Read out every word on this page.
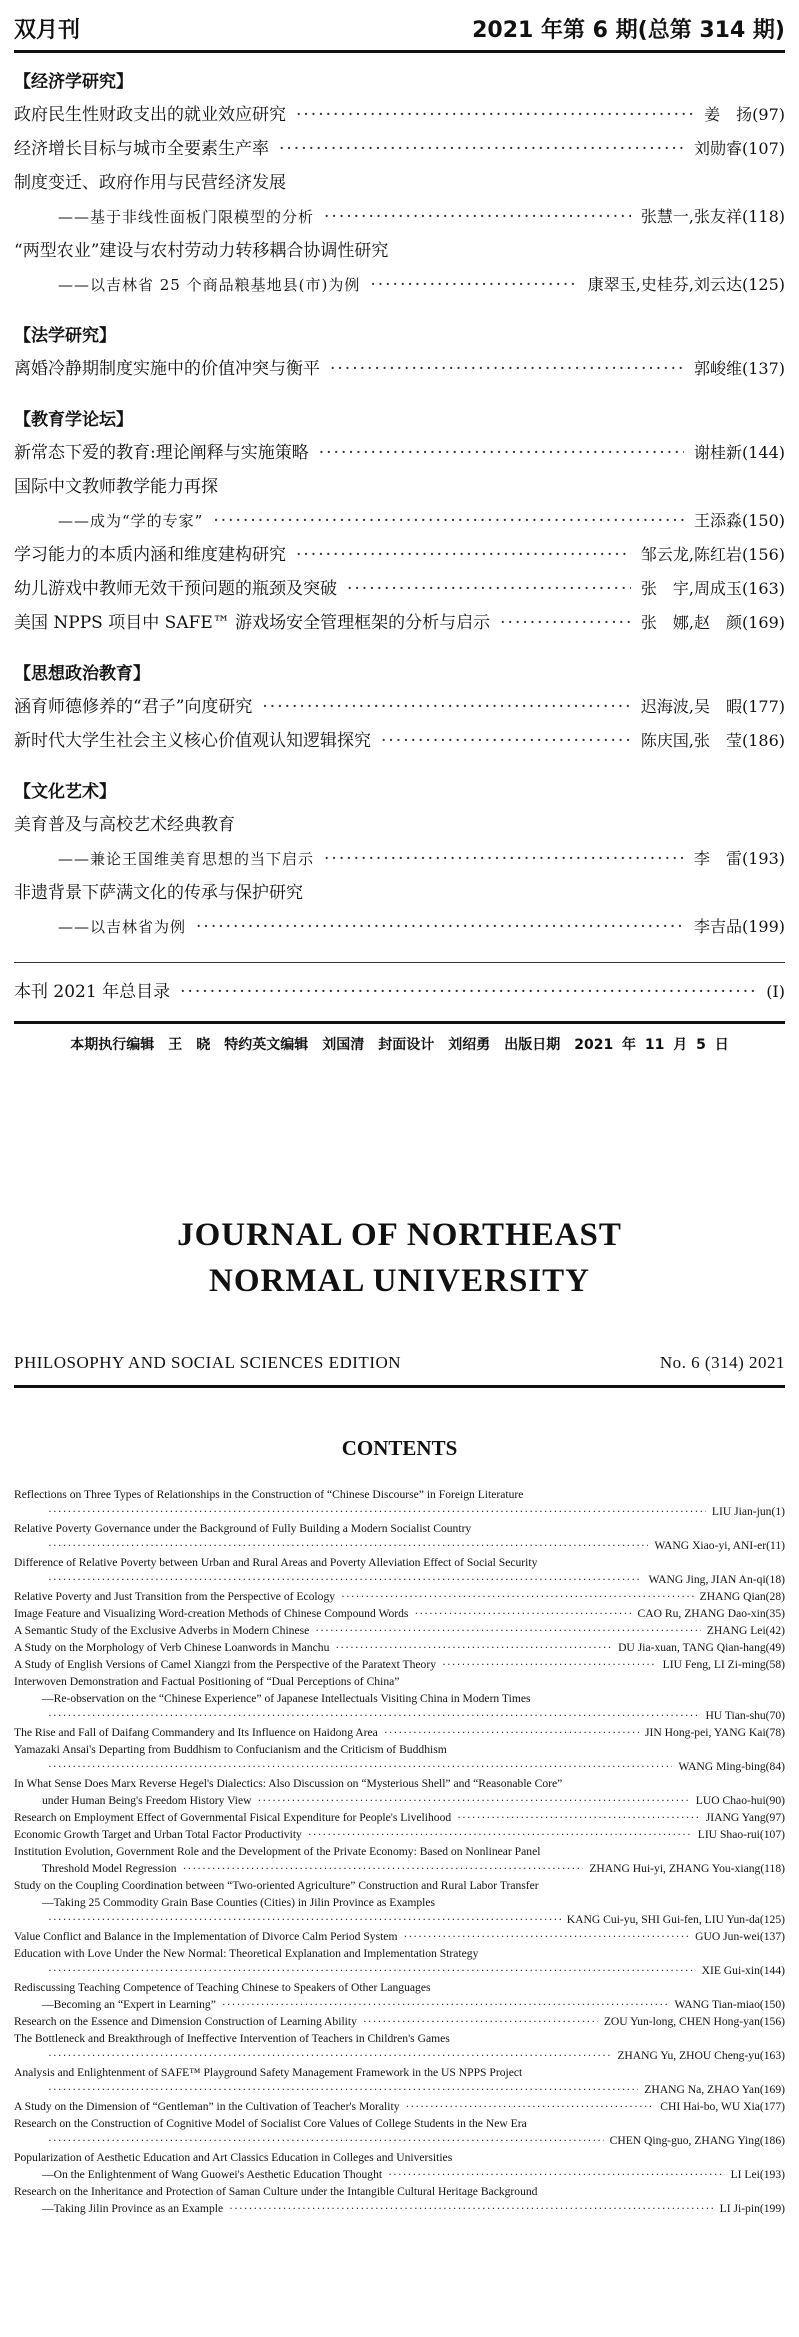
双月刊	2021 年第 6 期(总第 314 期)
【经济学研究】
政府民生性财政支出的就业效应研究 ·····	姜　扬(97)
经济增长目标与城市全要素生产率 ·····	刘勋睿(107)
制度变迁、政府作用与民营经济发展
——基于非线性面板门限模型的分析 ·····	张慧一,张友祥(118)
“两型农业”建设与农村劳动力转移耦合协调性研究
——以吉林省 25 个商品粮基地县(市)为例 ·····	康翠玉,史桂芬,刘云达(125)
【法学研究】
离婚冷静期制度实施中的价值冲突与衡平 ·····	郭峻维(137)
【教育学论坛】
新常态下爱的教育:理论阐释与实施策略 ·····	谢桂新(144)
国际中文教师教学能力再探
——成为“学的专家” ·····	王添淼(150)
学习能力的本质内涵和维度建构研究 ·····	邹云龙,陈红岩(156)
幼儿游戏中教师无效干预问题的瓶颈及突破 ·····	张　宇,周成玉(163)
美国 NPPS 项目中 SAFE™ 游戏场安全管理框架的分析与启示 ·····	张　娜,赵　颜(169)
【思想政治教育】
涵育师德修养的“君子”向度研究 ·····	迟海波,吴　暇(177)
新时代大学生社会主义核心价值观认知逻辑探究 ·····	陈庆国,张　莹(186)
【文化艺术】
美育普及与高校艺术经典教育
——兼论王国维美育思想的当下启示 ·····	李　雷(193)
非遗背景下萨满文化的传承与保护研究
——以吉林省为例 ·····	李吉品(199)
本刊 2021 年总目录 ·····	(Ⅰ)
本期执行编辑　王　晓　特约英文编辑　刘国清　封面设计　刘绍勇　出版日期　2021 年 11 月 5 日
JOURNAL OF NORTHEAST
NORMAL UNIVERSITY
PHILOSOPHY AND SOCIAL SCIENCES EDITION	No. 6 (314) 2021
CONTENTS
Reflections on Three Types of Relationships in the Construction of “Chinese Discourse” in Foreign Literature
·····
LIU Jian-jun(1)
Relative Poverty Governance under the Background of Fully Building a Modern Socialist Country
·····
WANG Xiao-yi, ANI-er(11)
Difference of Relative Poverty between Urban and Rural Areas and Poverty Alleviation Effect of Social Security
·····
WANG Jing, JIAN An-qi(18)
Relative Poverty and Just Transition from the Perspective of Ecology ·····	ZHANG Qian(28)
Image Feature and Visualizing Word-creation Methods of Chinese Compound Words ·····	CAO Ru, ZHANG Dao-xin(35)
A Semantic Study of the Exclusive Adverbs in Modern Chinese ·····	ZHANG Lei(42)
A Study on the Morphology of Verb Chinese Loanwords in Manchu ·····	DU Jia-xuan, TANG Qian-hang(49)
A Study of English Versions of Camel Xiangzi from the Perspective of the Paratext Theory ·····	LIU Feng, LI Zi-ming(58)
Interwoven Demonstration and Factual Positioning of “Dual Perceptions of China”
—Re-observation on the “Chinese Experience” of Japanese Intellectuals Visiting China in Modern Times
·····
HU Tian-shu(70)
The Rise and Fall of Daifang Commandery and Its Influence on Haidong Area ·····	JIN Hong-pei, YANG Kai(78)
Yamazaki Ansai's Departing from Buddhism to Confucianism and the Criticism of Buddhism
·····
WANG Ming-bing(84)
In What Sense Does Marx Reverse Hegel's Dialectics: Also Discussion on “Mysterious Shell” and “Reasonable Core”
under Human Being's Freedom History View ·····	LUO Chao-hui(90)
Research on Employment Effect of Governmental Fisical Expenditure for People's Livelihood ·····	JIANG Yang(97)
Economic Growth Target and Urban Total Factor Productivity ·····	LIU Shao-rui(107)
Institution Evolution, Government Role and the Development of the Private Economy: Based on Nonlinear Panel
Threshold Model Regression ·····	ZHANG Hui-yi, ZHANG You-xiang(118)
Study on the Coupling Coordination between “Two-oriented Agriculture” Construction and Rural Labor Transfer
—Taking 25 Commodity Grain Base Counties (Cities) in Jilin Province as Examples
·····
KANG Cui-yu, SHI Gui-fen, LIU Yun-da(125)
Value Conflict and Balance in the Implementation of Divorce Calm Period System ·····	GUO Jun-wei(137)
Education with Love Under the New Normal: Theoretical Explanation and Implementation Strategy
·····
XIE Gui-xin(144)
Rediscussing Teaching Competence of Teaching Chinese to Speakers of Other Languages
—Becoming an “Expert in Learning” ·····	WANG Tian-miao(150)
Research on the Essence and Dimension Construction of Learning Ability ·····	ZOU Yun-long, CHEN Hong-yan(156)
The Bottleneck and Breakthrough of Ineffective Intervention of Teachers in Children's Games
·····
ZHANG Yu, ZHOU Cheng-yu(163)
Analysis and Enlightenment of SAFE™ Playground Safety Management Framework in the US NPPS Project
·····
ZHANG Na, ZHAO Yan(169)
A Study on the Dimension of “Gentleman” in the Cultivation of Teacher's Morality ·····	CHI Hai-bo, WU Xia(177)
Research on the Construction of Cognitive Model of Socialist Core Values of College Students in the New Era
·····
CHEN Qing-guo, ZHANG Ying(186)
Popularization of Aesthetic Education and Art Classics Education in Colleges and Universities
—On the Enlightenment of Wang Guowei's Aesthetic Education Thought ·····	LI Lei(193)
Research on the Inheritance and Protection of Saman Culture under the Intangible Cultural Heritage Background
—Taking Jilin Province as an Example ·····	LI Ji-pin(199)
